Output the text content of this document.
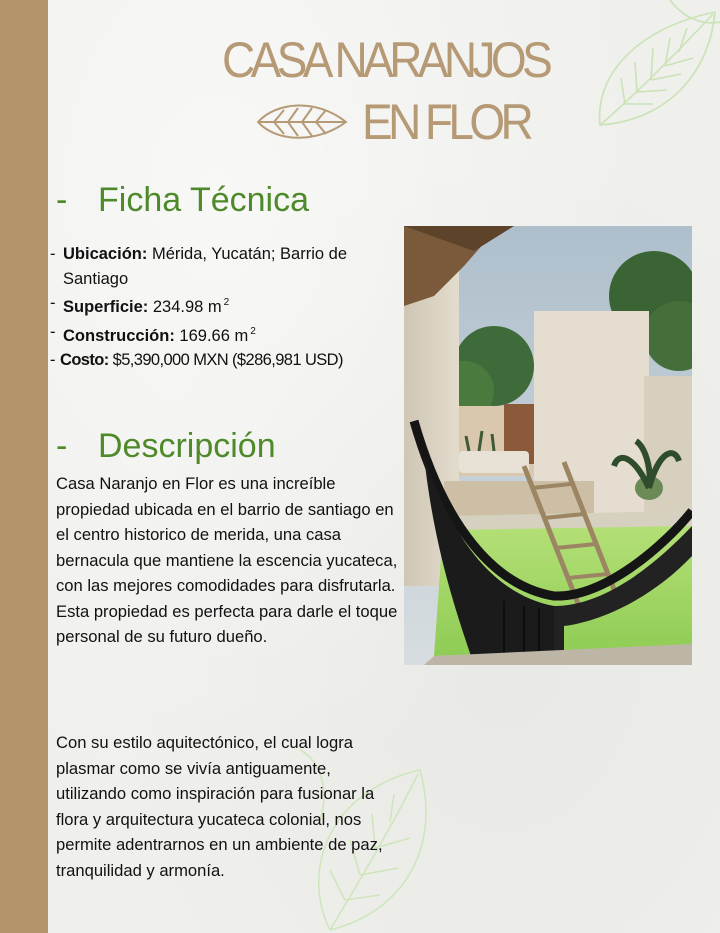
CASA NARANJOS
EN FLOR
- Ficha Técnica
- Ubicación: Mérida, Yucatán; Barrio de Santiago
- Superficie: 234.98 m $^2$
- Construcción: 169.66 m $^2$
- Costo: $5,390,000 MXN ($286,981 USD)
- Descripción

Casa Naranjo en Flor es una increíble propiedad ubicada en el barrio de santiago en el centro historico de merida, una casa bernacula que mantiene la escencia yucateca, con las mejores comodidades para disfrutarla. Esta propiedad es perfecta para darle el toque personal de su futuro dueño.

Con su estilo aquitectónico, el cual logra plasmar como se vivía antiguamente, utilizando como inspiración para fusionar la flora y arquitectura yucateca colonial, nos permite adentrarnos en un ambiente de paz, tranquilidad y armonía.
